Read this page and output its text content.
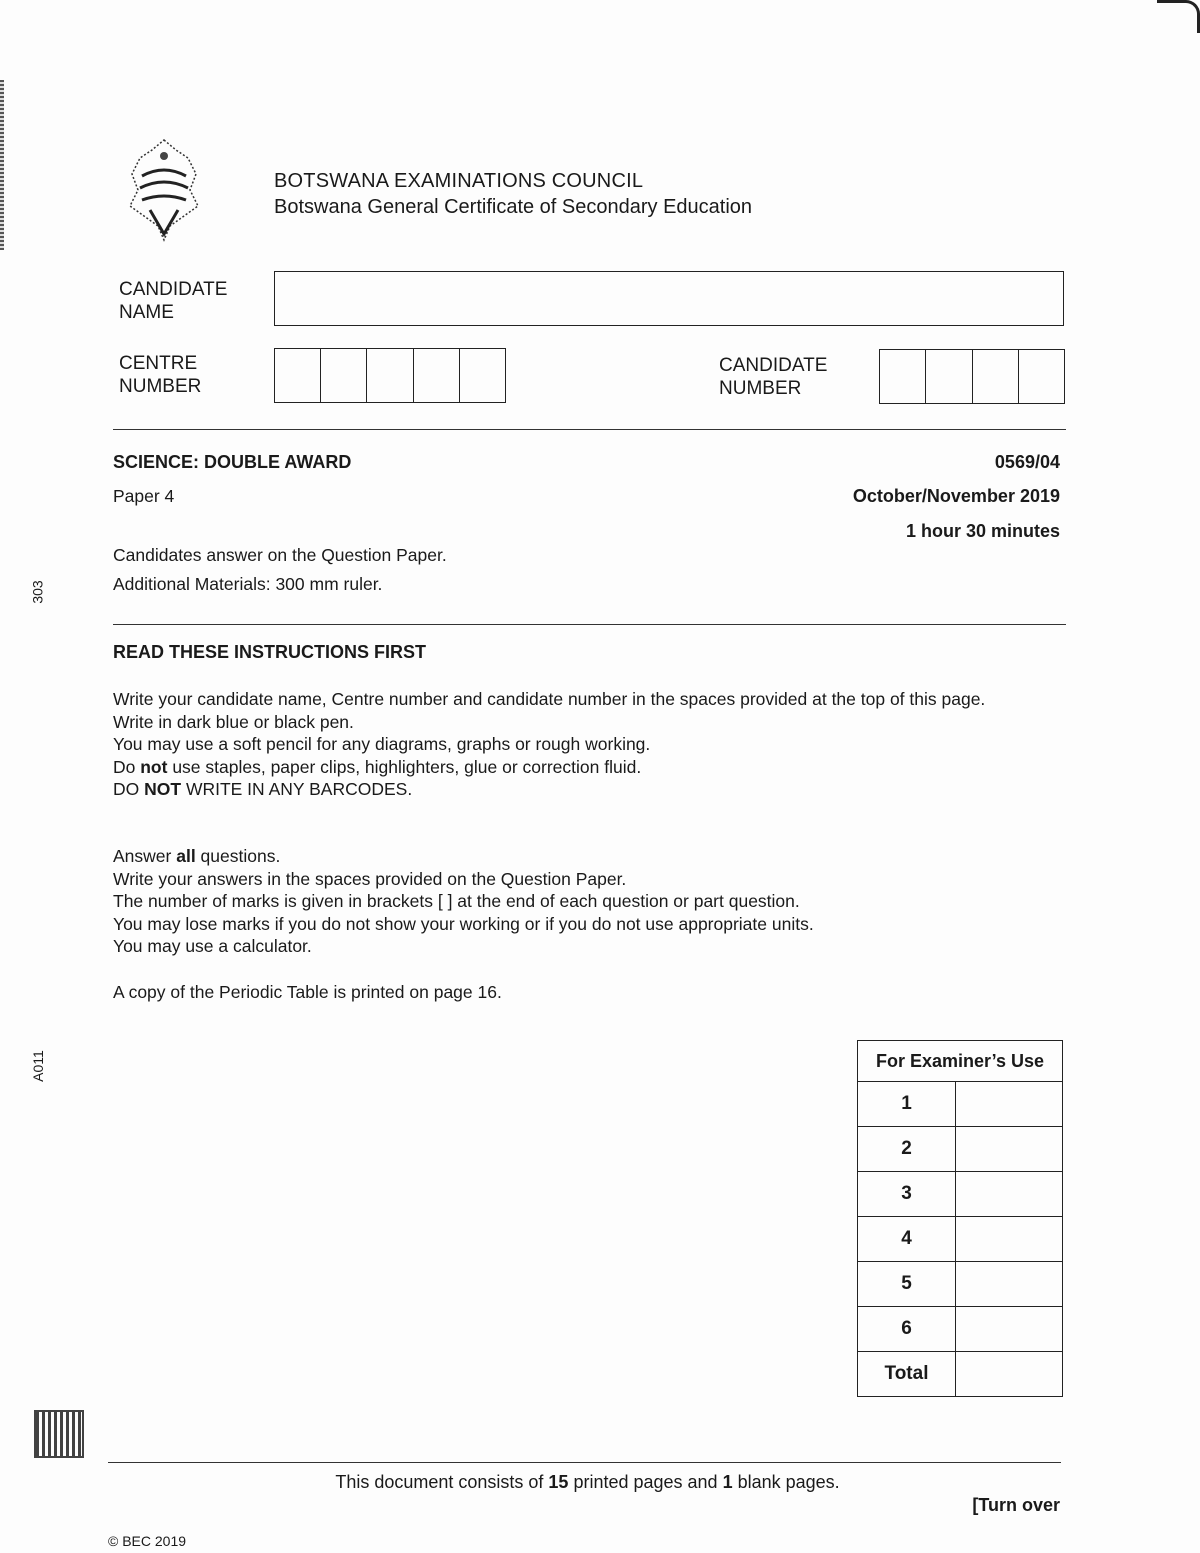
303
A011
BOTSWANA EXAMINATIONS COUNCIL
Botswana General Certificate of Secondary Education
CANDIDATE
NAME
CENTRE
NUMBER
CANDIDATE
NUMBER
SCIENCE: DOUBLE AWARD	0569/04
Paper 4	October/November 2019
1 hour 30 minutes
Candidates answer on the Question Paper.
Additional Materials: 300 mm ruler.
READ THESE INSTRUCTIONS FIRST
Write your candidate name, Centre number and candidate number in the spaces provided at the top of this page.
Write in dark blue or black pen.
You may use a soft pencil for any diagrams, graphs or rough working.
Do not use staples, paper clips, highlighters, glue or correction fluid.
DO NOT WRITE IN ANY BARCODES.
Answer all questions.
Write your answers in the spaces provided on the Question Paper.
The number of marks is given in brackets [ ] at the end of each question or part question.
You may lose marks if you do not show your working or if you do not use appropriate units.
You may use a calculator.
A copy of the Periodic Table is printed on page 16.
For Examiner’s Use	
1	
2	
3	
4	
5	
6	
Total	
This document consists of 15 printed pages and 1 blank pages.
[Turn over
© BEC 2019
